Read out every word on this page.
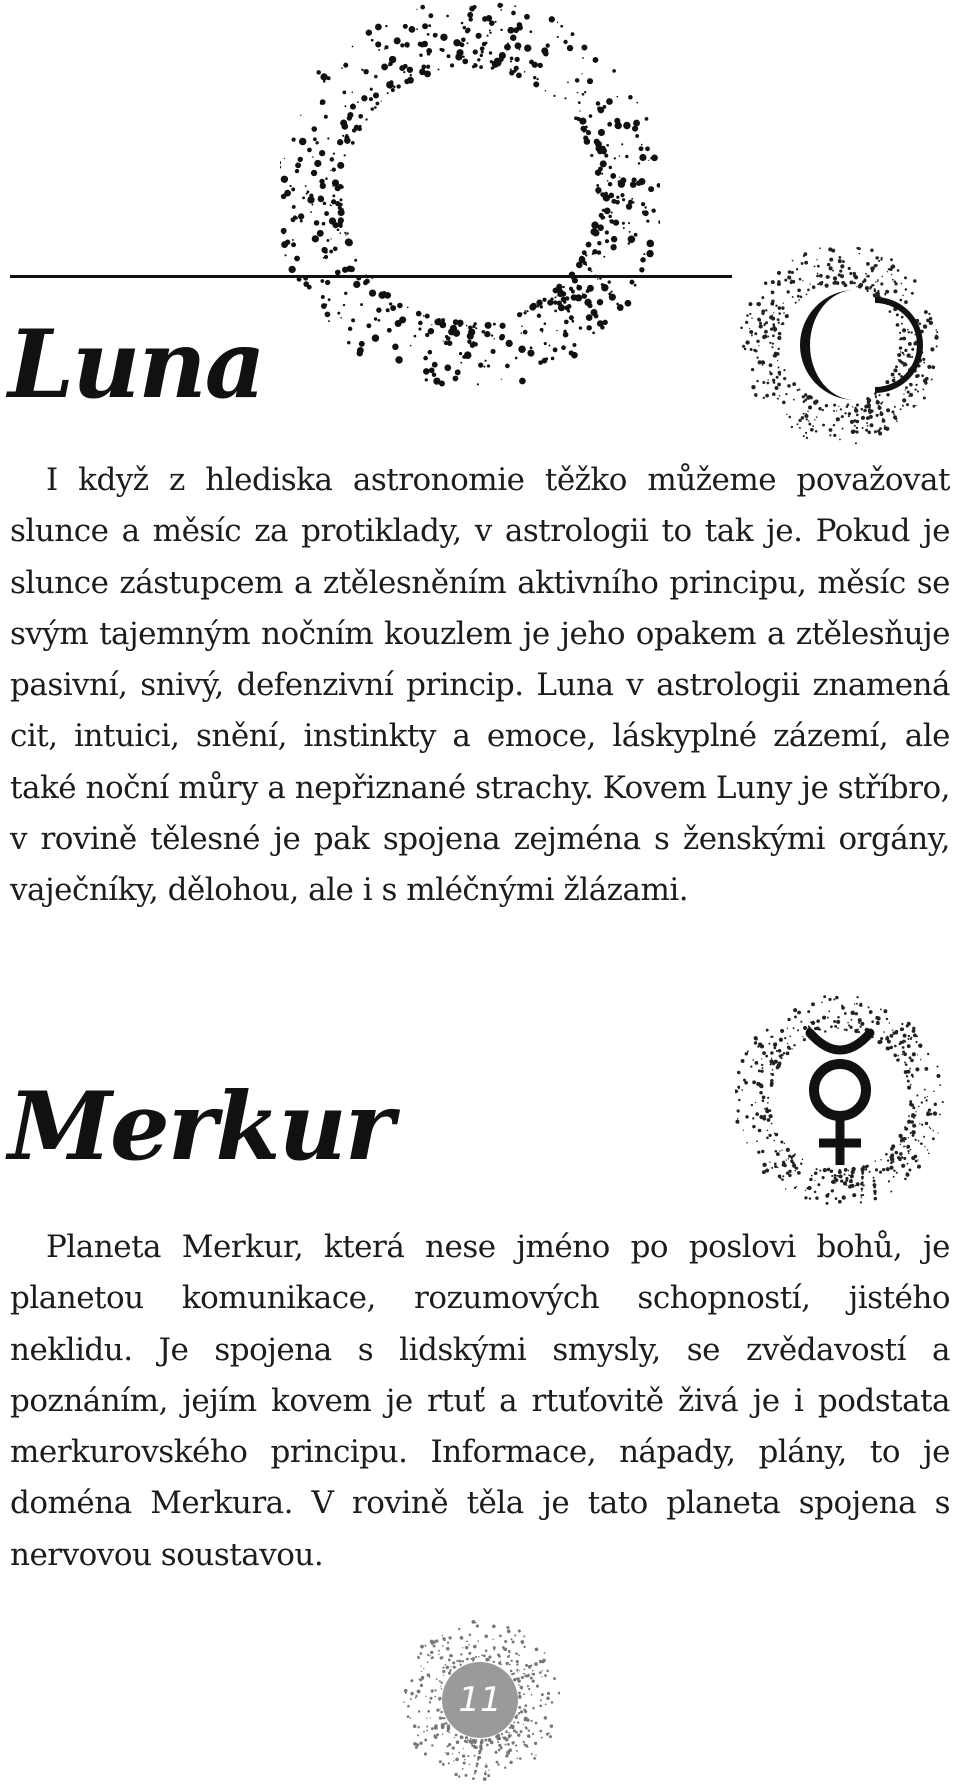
Luna

I když z hlediska astronomie těžko můžeme považovat slunce a měsíc za protiklady, v astrologii to tak je. Pokud je slunce zástupcem a ztělesněním aktivního principu, měsíc se svým tajemným nočním kouzlem je jeho opakem a ztělesňuje pasivní, snivý, defenzivní princip. Luna v astrologii znamená cit, intuici, snění, instinkty a emoce, láskyplné zázemí, ale také noční můry a nepřiznané strachy. Kovem Luny je stříbro, v rovině tělesné je pak spojena zejména s ženskými orgány, vaječníky, dělohou, ale i s mléčnými žlázami.

Merkur

Planeta Merkur, která nese jméno po poslovi bohů, je planetou komunikace, rozumových schopností, jistého neklidu. Je spojena s lidskými smysly, se zvědavostí a poznáním, jejím kovem je rtuť a rtuťovitě živá je i podstata merkurovského principu. Informace, nápady, plány, to je doména Merkura. V rovině těla je tato planeta spojena s nervovou soustavou.

11
